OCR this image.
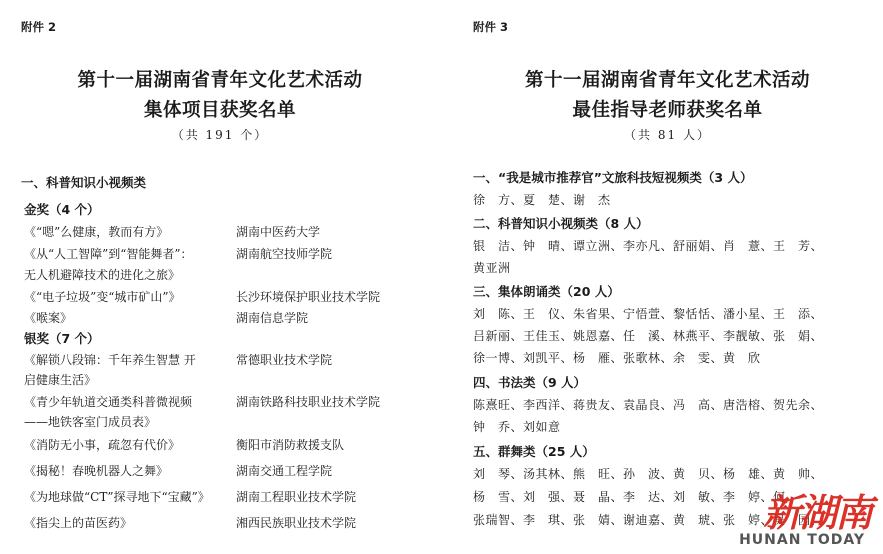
附件 2
第十一届湖南省青年文化艺术活动
集体项目获奖名单
（共 191 个）
一、科普知识小视频类
金奖（4 个）
《“嗯”么健康，教而有方》	湖南中医药大学
《从“人工智障”到“智能舞者”：	湖南航空技师学院
无人机避障技术的进化之旅》
《“电子垃圾”变“城市矿山”》	长沙环境保护职业技术学院
《喉案》	湖南信息学院
银奖（7 个）
《解锁八段锦：千年养生智慧 开	常德职业技术学院
启健康生活》
《青少年轨道交通类科普微视频	湖南铁路科技职业技术学院
——地铁客室门成员表》
《消防无小事，疏忽有代价》	衡阳市消防救援支队
《揭秘！春晚机器人之舞》	湖南交通工程学院
《为地球做“CT”探寻地下“宝藏”》 湖南工程职业技术学院
《指尖上的苗医药》	湘西民族职业技术学院
附件 3
第十一届湖南省青年文化艺术活动
最佳指导老师获奖名单
（共 81 人）
一、“我是城市推荐官”文旅科技短视频类（3 人）
徐　方、夏　楚、谢　杰
二、科普知识小视频类（8 人）
银　洁、钟　晴、谭立洲、李亦凡、舒丽娟、肖　薏、王　芳、
黄亚洲
三、集体朗诵类（20 人）
刘　陈、王　仪、朱省果、宁悟萱、黎恬恬、潘小星、王　添、
吕新丽、王佳玉、姚恩嘉、任　溪、林燕平、李靓敏、张　娟、
徐一博、刘凯平、杨　雁、张歌林、余　雯、黄　欣
四、书法类（9 人）
陈熹旺、李西洋、蒋贵友、袁晶良、冯　高、唐浩榕、贺先余、
钟　乔、刘如意
五、群舞类（25 人）
刘　琴、汤其林、熊　旺、孙　波、黄　贝、杨　雄、黄　帅、
杨　雪、刘　强、聂　晶、李　达、刘　敏、李　婷、何　
张瑞智、李　琪、张　婧、谢迪嘉、黄　琥、张　婷、吴　园、
新湖南
HUNAN TODAY
